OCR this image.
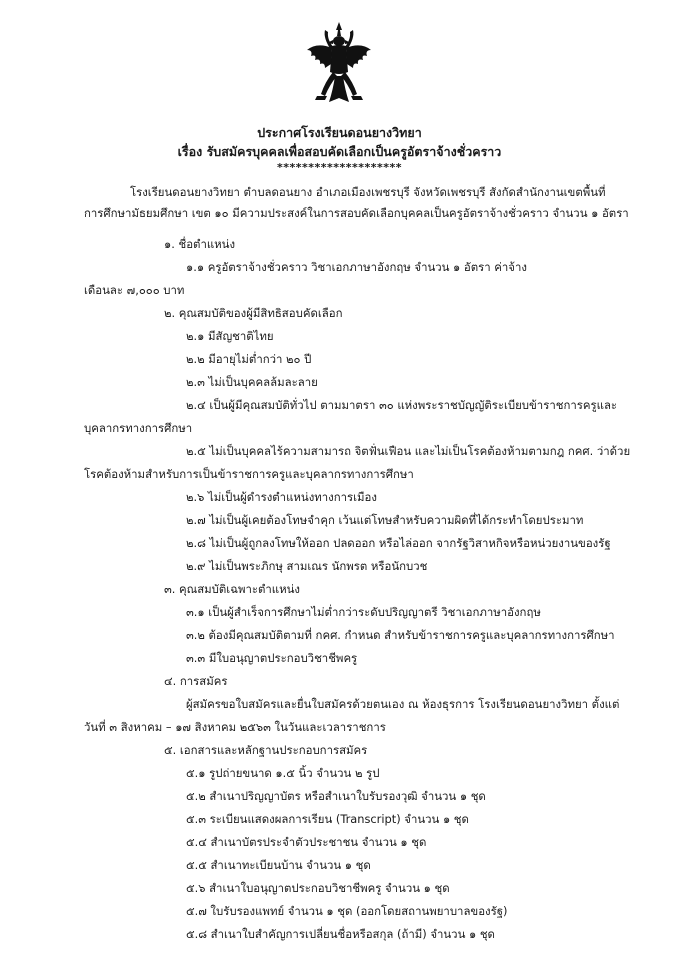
ประกาศโรงเรียนดอนยางวิทยา
เรื่อง รับสมัครบุคคลเพื่อสอบคัดเลือกเป็นครูอัตราจ้างชั่วคราว
********************
โรงเรียนดอนยางวิทยา ตำบลดอนยาง อำเภอเมืองเพชรบุรี จังหวัดเพชรบุรี สังกัดสำนักงานเขตพื้นที่
การศึกษามัธยมศึกษา เขต ๑๐ มีความประสงค์ในการสอบคัดเลือกบุคคลเป็นครูอัตราจ้างชั่วคราว จำนวน ๑ อัตรา
๑. ชื่อตำแหน่ง
๑.๑ ครูอัตราจ้างชั่วคราว วิชาเอกภาษาอังกฤษ จำนวน ๑ อัตรา ค่าจ้าง
เดือนละ ๗,๐๐๐ บาท
๒. คุณสมบัติของผู้มีสิทธิสอบคัดเลือก
๒.๑ มีสัญชาติไทย
๒.๒ มีอายุไม่ต่ำกว่า ๒๐ ปี
๒.๓ ไม่เป็นบุคคลล้มละลาย
๒.๔ เป็นผู้มีคุณสมบัติทั่วไป ตามมาตรา ๓๐ แห่งพระราชบัญญัติระเบียบข้าราชการครูและ
บุคลากรทางการศึกษา
๒.๕ ไม่เป็นบุคคลไร้ความสามารถ จิตฟั่นเฟือน และไม่เป็นโรคต้องห้ามตามกฎ กคศ. ว่าด้วย
โรคต้องห้ามสำหรับการเป็นข้าราชการครูและบุคลากรทางการศึกษา
๒.๖ ไม่เป็นผู้ดำรงตำแหน่งทางการเมือง
๒.๗ ไม่เป็นผู้เคยต้องโทษจำคุก เว้นแต่โทษสำหรับความผิดที่ได้กระทำโดยประมาท
๒.๘ ไม่เป็นผู้ถูกลงโทษให้ออก ปลดออก หรือไล่ออก จากรัฐวิสาหกิจหรือหน่วยงานของรัฐ
๒.๙ ไม่เป็นพระภิกษุ สามเณร นักพรต หรือนักบวช
๓. คุณสมบัติเฉพาะตำแหน่ง
๓.๑ เป็นผู้สำเร็จการศึกษาไม่ต่ำกว่าระดับปริญญาตรี วิชาเอกภาษาอังกฤษ
๓.๒ ต้องมีคุณสมบัติตามที่ กคศ. กำหนด สำหรับข้าราชการครูและบุคลากรทางการศึกษา
๓.๓ มีใบอนุญาตประกอบวิชาชีพครู
๔. การสมัคร
ผู้สมัครขอใบสมัครและยื่นใบสมัครด้วยตนเอง ณ ห้องธุรการ โรงเรียนดอนยางวิทยา ตั้งแต่
วันที่ ๓ สิงหาคม – ๑๗ สิงหาคม ๒๕๖๓ ในวันและเวลาราชการ
๕. เอกสารและหลักฐานประกอบการสมัคร
๕.๑ รูปถ่ายขนาด ๑.๕ นิ้ว จำนวน ๒ รูป
๕.๒ สำเนาปริญญาบัตร หรือสำเนาใบรับรองวุฒิ จำนวน ๑ ชุด
๕.๓ ระเบียนแสดงผลการเรียน (Transcript) จำนวน ๑ ชุด
๕.๔ สำเนาบัตรประจำตัวประชาชน จำนวน ๑ ชุด
๕.๕ สำเนาทะเบียนบ้าน จำนวน ๑ ชุด
๕.๖ สำเนาใบอนุญาตประกอบวิชาชีพครู จำนวน ๑ ชุด
๕.๗ ใบรับรองแพทย์ จำนวน ๑ ชุด (ออกโดยสถานพยาบาลของรัฐ)
๕.๘ สำเนาใบสำคัญการเปลี่ยนชื่อหรือสกุล (ถ้ามี) จำนวน ๑ ชุด
